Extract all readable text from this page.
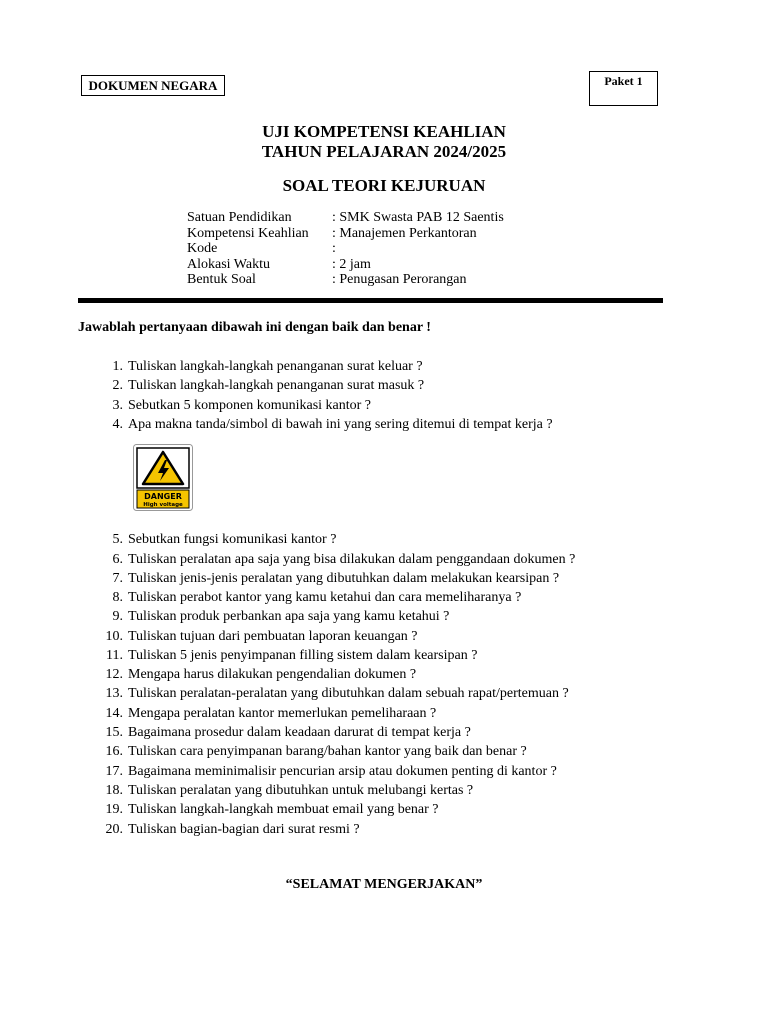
DOKUMEN NEGARA	Paket 1
UJI KOMPETENSI KEAHLIAN
TAHUN PELAJARAN 2024/2025
SOAL TEORI KEJURUAN
Satuan Pendidikan	: SMK Swasta PAB 12 Saentis
Kompetensi Keahlian	: Manajemen Perkantoran
Kode	:
Alokasi Waktu	: 2 jam
Bentuk Soal	: Penugasan Perorangan
Jawablah pertanyaan dibawah ini dengan baik dan benar !
1. Tuliskan langkah-langkah penanganan surat keluar ?
2. Tuliskan langkah-langkah penanganan surat masuk ?
3. Sebutkan 5 komponen komunikasi kantor ?
4. Apa makna tanda/simbol di bawah ini yang sering ditemui di tempat kerja ?
5. Sebutkan fungsi komunikasi kantor ?
6. Tuliskan peralatan apa saja yang bisa dilakukan dalam penggandaan dokumen ?
7. Tuliskan jenis-jenis peralatan yang dibutuhkan dalam melakukan kearsipan ?
8. Tuliskan perabot kantor yang kamu ketahui dan cara memeliharanya ?
9. Tuliskan produk perbankan apa saja yang kamu ketahui ?
10. Tuliskan tujuan dari pembuatan laporan keuangan ?
11. Tuliskan 5 jenis penyimpanan filling sistem dalam kearsipan ?
12. Mengapa harus dilakukan pengendalian dokumen ?
13. Tuliskan peralatan-peralatan yang dibutuhkan dalam sebuah rapat/pertemuan ?
14. Mengapa peralatan kantor memerlukan pemeliharaan ?
15. Bagaimana prosedur dalam keadaan darurat di tempat kerja ?
16. Tuliskan cara penyimpanan barang/bahan kantor yang baik dan benar ?
17. Bagaimana meminimalisir pencurian arsip atau dokumen penting di kantor ?
18. Tuliskan peralatan yang dibutuhkan untuk melubangi kertas ?
19. Tuliskan langkah-langkah membuat email yang benar ?
20. Tuliskan bagian-bagian dari surat resmi ?
DANGER
High voltage
“SELAMAT MENGERJAKAN”
